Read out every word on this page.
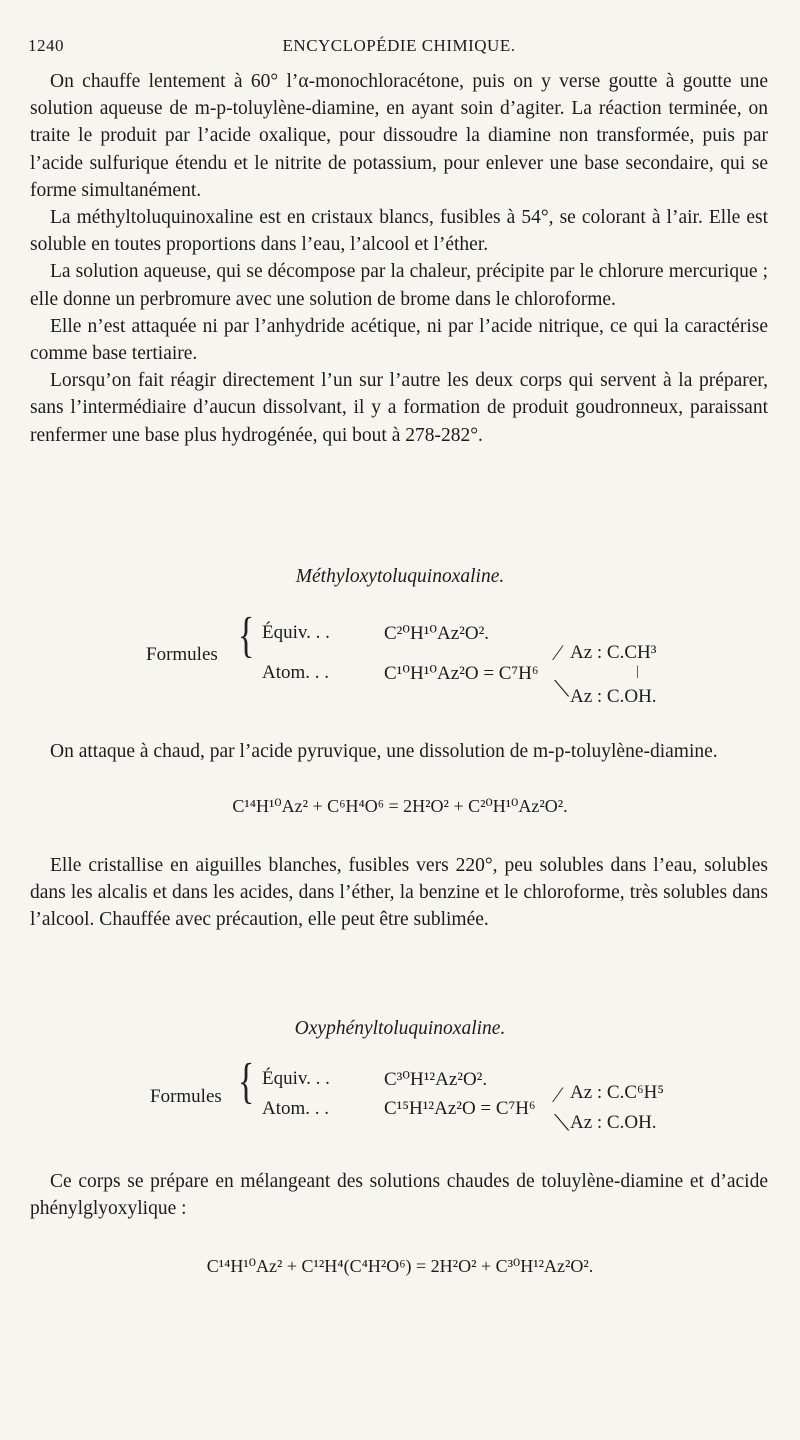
1240	ENCYCLOPÉDIE CHIMIQUE.

On chauffe lentement à 60° l’α-monochloracétone, puis on y verse goutte à goutte une solution aqueuse de m-p-toluylène-diamine, en ayant soin d’agiter. La réaction terminée, on traite le produit par l’acide oxalique, pour dissoudre la diamine non transformée, puis par l’acide sulfurique étendu et le nitrite de potassium, pour enlever une base secondaire, qui se forme simultanément.

La méthyltoluquinoxaline est en cristaux blancs, fusibles à 54°, se colorant à l’air. Elle est soluble en toutes proportions dans l’eau, l’alcool et l’éther.

La solution aqueuse, qui se décompose par la chaleur, précipite par le chlorure mercurique ; elle donne un perbromure avec une solution de brome dans le chloroforme.

Elle n’est attaquée ni par l’anhydride acétique, ni par l’acide nitrique, ce qui la caractérise comme base tertiaire.

Lorsqu’on fait réagir directement l’un sur l’autre les deux corps qui servent à la préparer, sans l’intermédiaire d’aucun dissolvant, il y a formation de produit goudronneux, paraissant renfermer une base plus hydrogénée, qui bout à 278-282°.

Méthyloxytoluquinoxaline.
Formules { Équiv. . .
Atom. . .
C²⁰H¹⁰Az²O².
C¹⁰H¹⁰Az²O = C⁷H⁶
⁄
⟍
Az : C.CH³
|
Az : C.OH.

On attaque à chaud, par l’acide pyruvique, une dissolution de m-p-toluylène-diamine.

C¹⁴H¹⁰Az² + C⁶H⁴O⁶ = 2H²O² + C²⁰H¹⁰Az²O².

Elle cristallise en aiguilles blanches, fusibles vers 220°, peu solubles dans l’eau, solubles dans les alcalis et dans les acides, dans l’éther, la benzine et le chloroforme, très solubles dans l’alcool. Chauffée avec précaution, elle peut être sublimée.

Oxyphényltoluquinoxaline.
Formules { Équiv. . .
Atom. . .
C³⁰H¹²Az²O².
C¹⁵H¹²Az²O = C⁷H⁶
⁄
⟍
Az : C.C⁶H⁵
Az : C.OH.

Ce corps se prépare en mélangeant des solutions chaudes de toluylène-diamine et d’acide phénylglyoxylique :

C¹⁴H¹⁰Az² + C¹²H⁴(C⁴H²O⁶) = 2H²O² + C³⁰H¹²Az²O².
